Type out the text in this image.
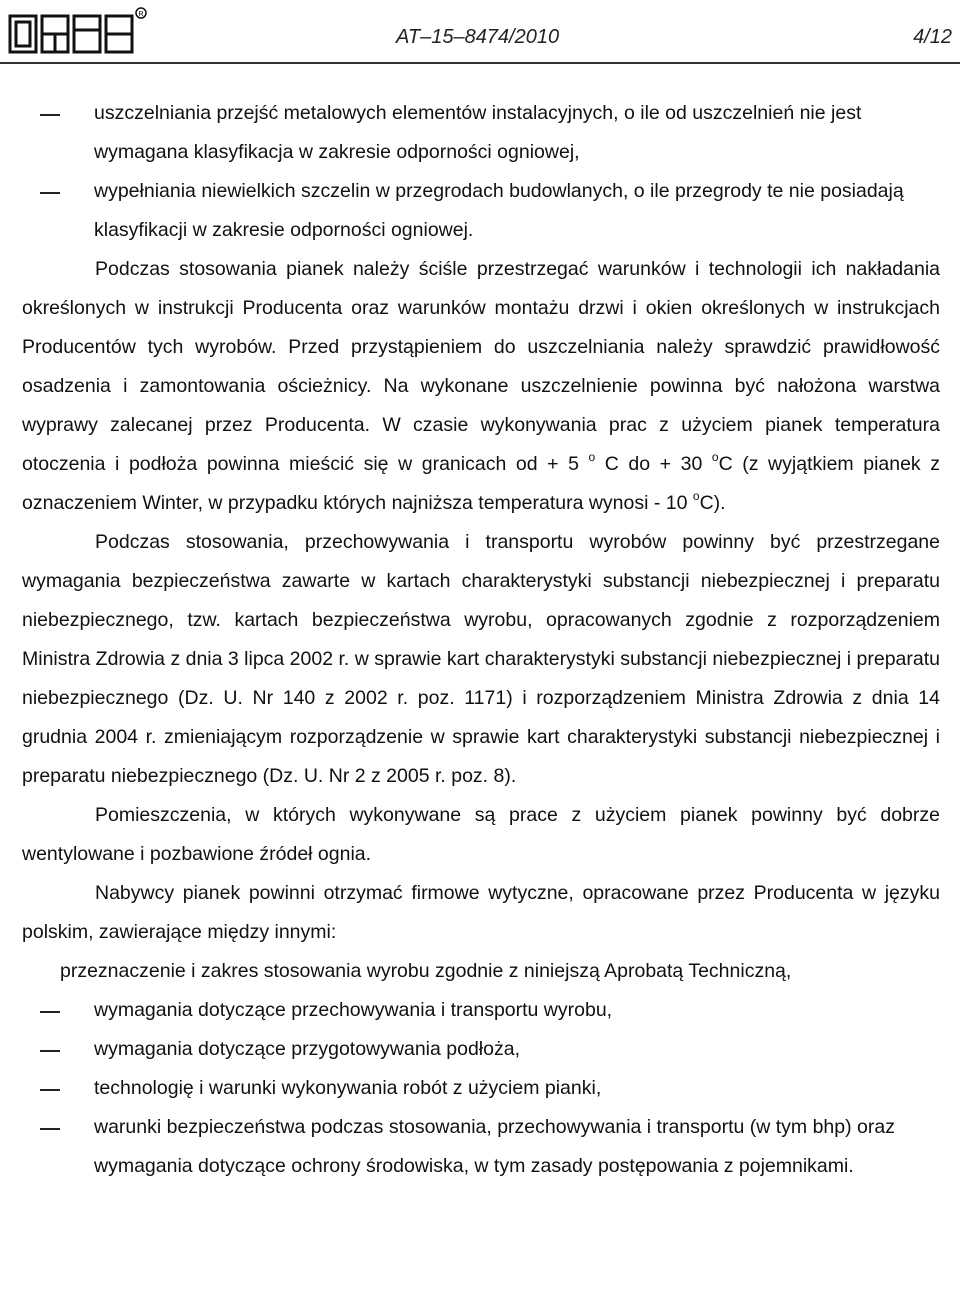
R
AT–15–8474/2010	4/12

uszczelniania przejść metalowych elementów instalacyjnych, o ile od uszczelnień nie jest wymagana klasyfikacja w zakresie odporności ogniowej,

wypełniania niewielkich szczelin w przegrodach budowlanych, o ile przegrody te nie posiadają klasyfikacji w zakresie odporności ogniowej.

Podczas stosowania pianek należy ściśle przestrzegać warunków i technologii ich nakładania określonych w instrukcji Producenta oraz warunków montażu drzwi i okien określonych w instrukcjach Producentów tych wyrobów. Przed przystąpieniem do uszczelniania należy sprawdzić prawidłowość osadzenia i zamontowania ościeżnicy. Na wykonane uszczelnienie powinna być nałożona warstwa wyprawy zalecanej przez Producenta. W czasie wykonywania prac z użyciem pianek temperatura otoczenia i podłoża powinna mieścić się w granicach od + 5 $^o$ C do + 30 $^o$C (z wyjątkiem pianek z oznaczeniem Winter, w przypadku których najniższa temperatura wynosi - 10 $^o$C).

Podczas stosowania, przechowywania i transportu wyrobów powinny być przestrzegane wymagania bezpieczeństwa zawarte w kartach charakterystyki substancji niebezpiecznej i preparatu niebezpiecznego, tzw. kartach bezpieczeństwa wyrobu, opracowanych zgodnie z rozporządzeniem Ministra Zdrowia z dnia 3 lipca 2002 r. w sprawie kart charakterystyki substancji niebezpiecznej i preparatu niebezpiecznego (Dz. U. Nr 140 z 2002 r. poz. 1171) i rozporządzeniem Ministra Zdrowia z dnia 14 grudnia 2004 r. zmieniającym rozporządzenie w sprawie kart charakterystyki substancji niebezpiecznej i preparatu niebezpiecznego (Dz. U. Nr 2 z 2005 r. poz. 8).

Pomieszczenia, w których wykonywane są prace z użyciem pianek powinny być dobrze wentylowane i pozbawione źródeł ognia.

Nabywcy pianek powinni otrzymać firmowe wytyczne, opracowane przez Producenta w języku polskim, zawierające między innymi:

przeznaczenie i zakres stosowania wyrobu zgodnie z niniejszą Aprobatą Techniczną,

wymagania dotyczące przechowywania i transportu wyrobu,

wymagania dotyczące przygotowywania podłoża,

technologię i warunki wykonywania robót z użyciem pianki,

warunki bezpieczeństwa podczas stosowania, przechowywania i transportu (w tym bhp) oraz wymagania dotyczące ochrony środowiska, w tym zasady postępowania z pojemnikami.
